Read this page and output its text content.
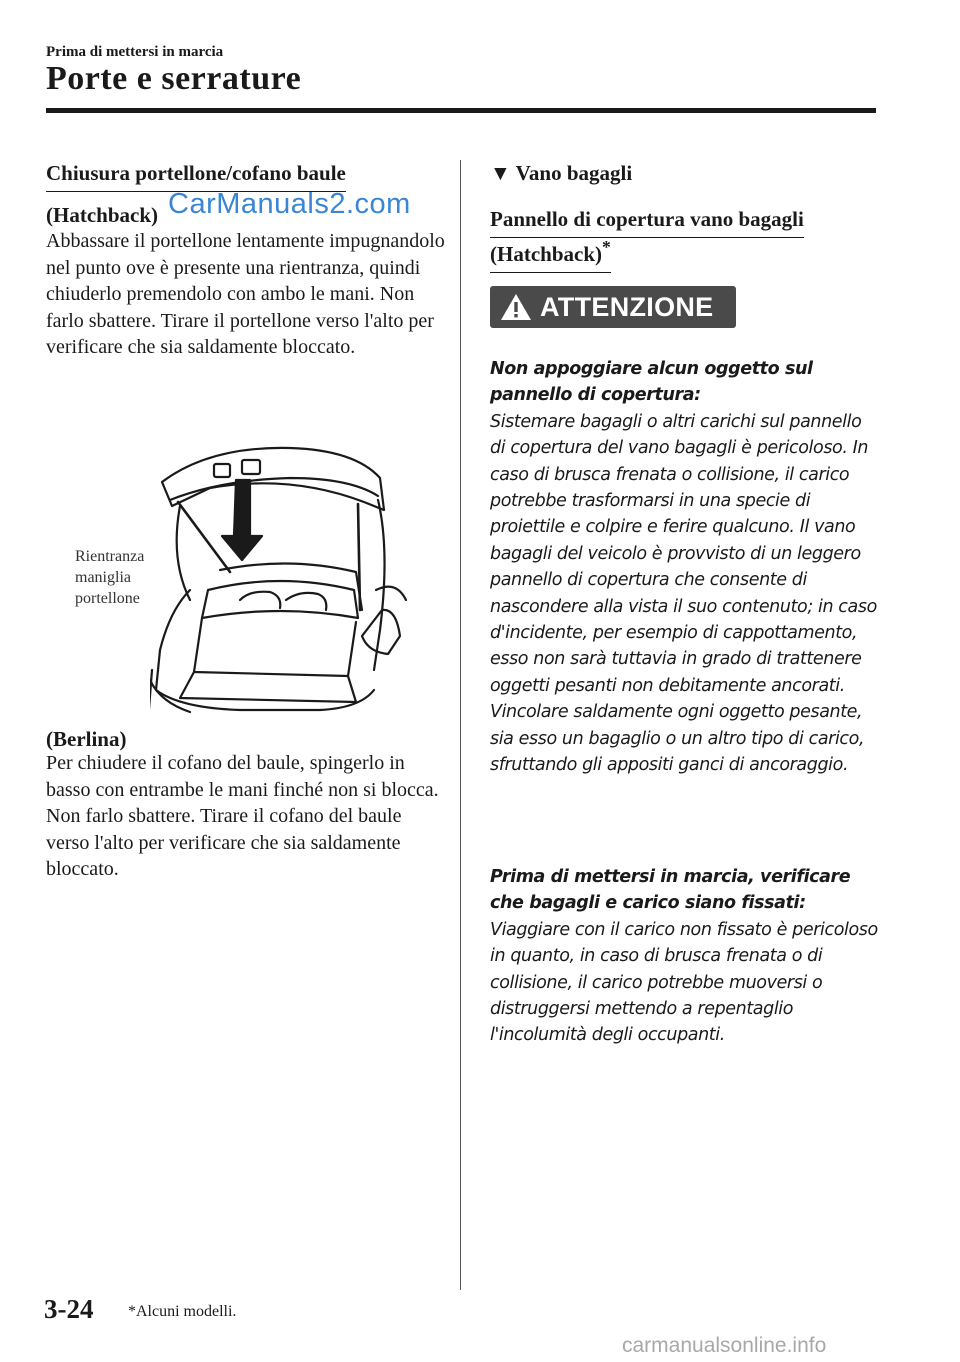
Prima di mettersi in marcia
Porte e serrature
Chiusura portellone/cofano baule
(Hatchback) CarManuals2.com
Abbassare il portellone lentamente impugnandolo nel punto ove è presente una rientranza, quindi chiuderlo premendolo con ambo le mani. Non farlo sbattere. Tirare il portellone verso l'alto per verificare che sia saldamente bloccato.
Rientranza
maniglia
portellone
(Berlina)
Per chiudere il cofano del baule, spingerlo in basso con entrambe le mani finché non si blocca. Non farlo sbattere. Tirare il cofano del baule verso l'alto per verificare che sia saldamente bloccato.
▼ Vano bagagli
Pannello di copertura vano bagagli
(Hatchback)*
ATTENZIONE
Non appoggiare alcun oggetto sul pannello di copertura:
Sistemare bagagli o altri carichi sul pannello di copertura del vano bagagli è pericoloso. In caso di brusca frenata o collisione, il carico potrebbe trasformarsi in una specie di proiettile e colpire e ferire qualcuno. Il vano bagagli del veicolo è provvisto di un leggero pannello di copertura che consente di nascondere alla vista il suo contenuto; in caso d'incidente, per esempio di cappottamento, esso non sarà tuttavia in grado di trattenere oggetti pesanti non debitamente ancorati. Vincolare saldamente ogni oggetto pesante, sia esso un bagaglio o un altro tipo di carico, sfruttando gli appositi ganci di ancoraggio.
Prima di mettersi in marcia, verificare che bagagli e carico siano fissati:
Viaggiare con il carico non fissato è pericoloso in quanto, in caso di brusca frenata o di collisione, il carico potrebbe muoversi o distruggersi mettendo a repentaglio l'incolumità degli occupanti.
3-24 *Alcuni modelli.
carmanualsonline.info
